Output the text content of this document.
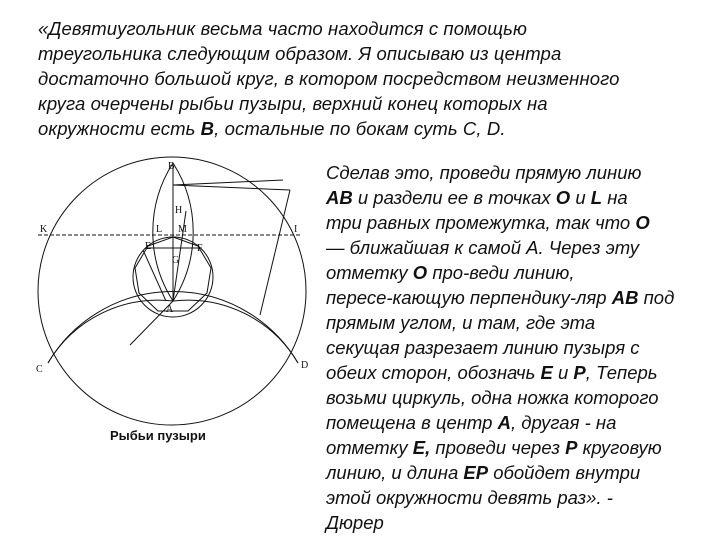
«Девятиугольник весьма часто находится с помощью
треугольника следующим образом. Я описываю из центра
достаточно большой круг, в котором посредством неизменного
круга очерчены рыбьи пузыри, верхний конец которых на
окружности есть B, остальные по бокам суть С, D.
Сделав это, проведи прямую линию
AB и раздели ее в точках O и L на
три равных промежутка, так что О
— ближайшая к самой А. Через эту
отметку О про-веди линию,
пересе-кающую перпендику-ляр AB под
прямым углом, и там, где эта
секущая разрезает линию пузыря с
обеих сторон, обозначь Е и Р, Теперь
возьми циркуль, одна ножка которого
помещена в центр А, другая - на
отметку E, проведи через Р круговую
линию, и длина ЕР обойдет внутри
этой окружности девять раз». -
Дюрер
B
H
K	I
L M
E	F
G
A
C	D
Рыбьи пузыри
